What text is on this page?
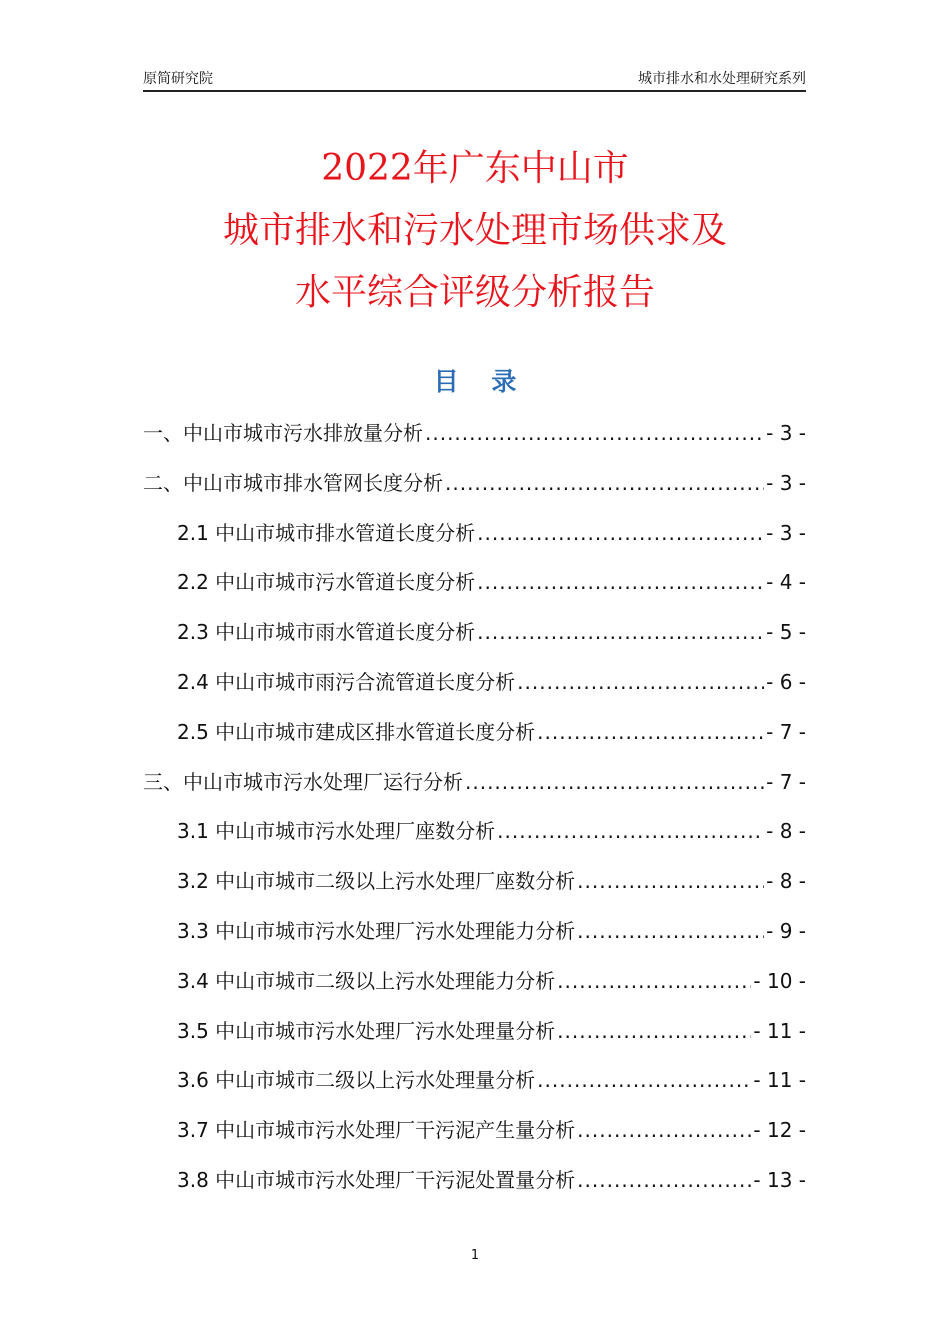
原简研究院	城市排水和水处理研究系列
2022年广东中山市
城市排水和污水处理市场供求及
水平综合评级分析报告
目 录
一、中山市城市污水排放量分析 .....	- 3 -
二、中山市城市排水管网长度分析 .....	- 3 -
2.1 中山市城市排水管道长度分析 .....	- 3 -
2.2 中山市城市污水管道长度分析 .....	- 4 -
2.3 中山市城市雨水管道长度分析 .....	- 5 -
2.4 中山市城市雨污合流管道长度分析 .....	- 6 -
2.5 中山市城市建成区排水管道长度分析 .....	- 7 -
三、中山市城市污水处理厂运行分析 .....	- 7 -
3.1 中山市城市污水处理厂座数分析 .....	- 8 -
3.2 中山市城市二级以上污水处理厂座数分析 .....	- 8 -
3.3 中山市城市污水处理厂污水处理能力分析 .....	- 9 -
3.4 中山市城市二级以上污水处理能力分析 .....	- 10 -
3.5 中山市城市污水处理厂污水处理量分析 .....	- 11 -
3.6 中山市城市二级以上污水处理量分析 .....	- 11 -
3.7 中山市城市污水处理厂干污泥产生量分析 .....	- 12 -
3.8 中山市城市污水处理厂干污泥处置量分析 .....	- 13 -
1
